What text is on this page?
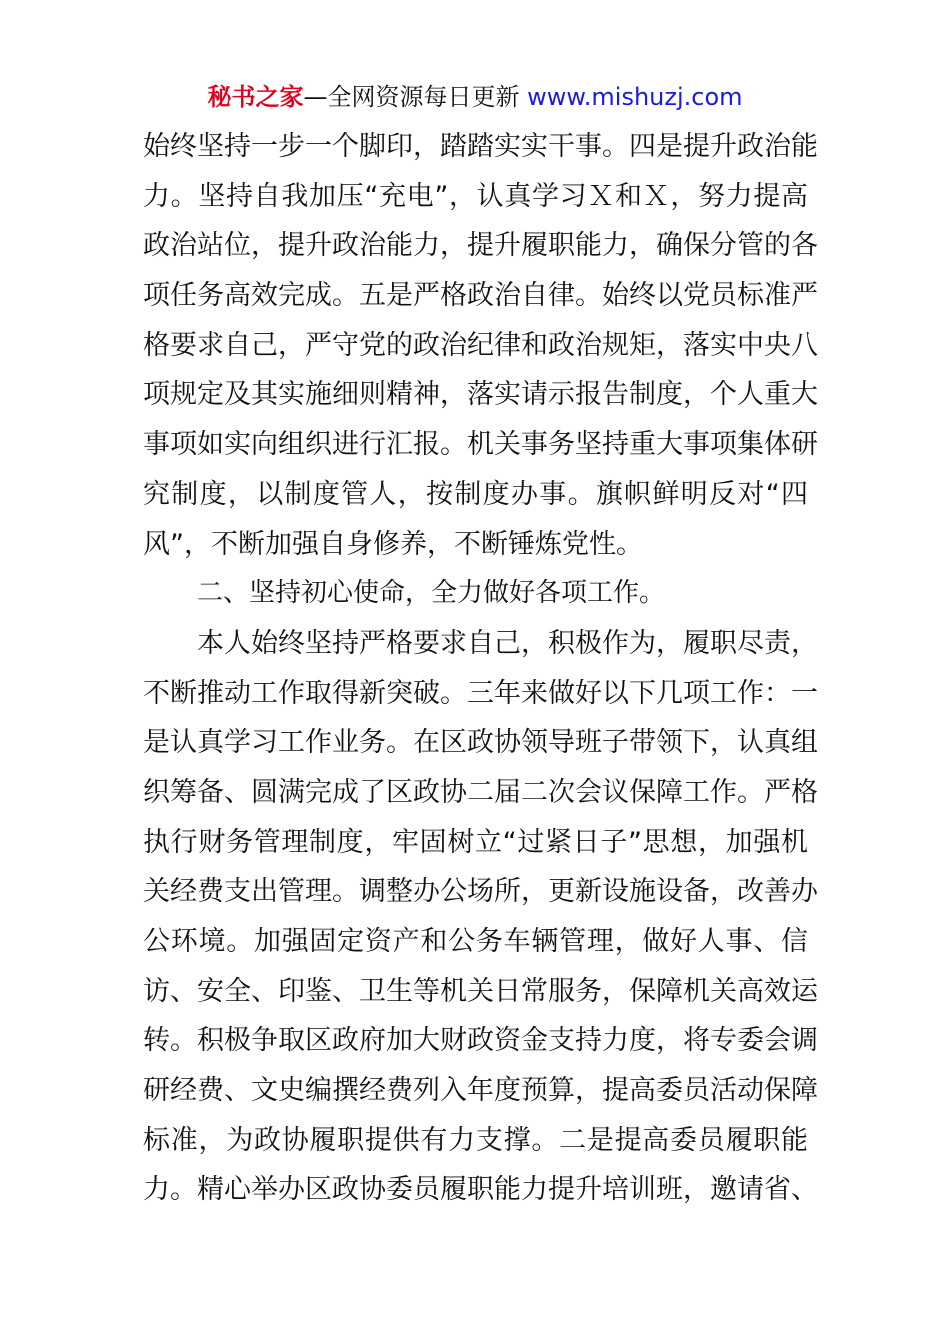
秘书之家—全网资源每日更新 www.mishuzj.com
始终坚持一步一个脚印，踏踏实实干事。四是提升政治能
力。坚持自我加压“充电”，认真学习Ｘ和Ｘ，努力提高
政治站位，提升政治能力，提升履职能力，确保分管的各
项任务高效完成。五是严格政治自律。始终以党员标准严
格要求自己，严守党的政治纪律和政治规矩，落实中央八
项规定及其实施细则精神，落实请示报告制度，个人重大
事项如实向组织进行汇报。机关事务坚持重大事项集体研
究制度，以制度管人，按制度办事。旗帜鲜明反对“四
风”，不断加强自身修养，不断锤炼党性。
二、坚持初心使命，全力做好各项工作。
本人始终坚持严格要求自己，积极作为，履职尽责，
不断推动工作取得新突破。三年来做好以下几项工作：一
是认真学习工作业务。在区政协领导班子带领下，认真组
织筹备、圆满完成了区政协二届二次会议保障工作。严格
执行财务管理制度，牢固树立“过紧日子”思想，加强机
关经费支出管理。调整办公场所，更新设施设备，改善办
公环境。加强固定资产和公务车辆管理，做好人事、信
访、安全、印鉴、卫生等机关日常服务，保障机关高效运
转。积极争取区政府加大财政资金支持力度，将专委会调
研经费、文史编撰经费列入年度预算，提高委员活动保障
标准，为政协履职提供有力支撑。二是提高委员履职能
力。精心举办区政协委员履职能力提升培训班，邀请省、
